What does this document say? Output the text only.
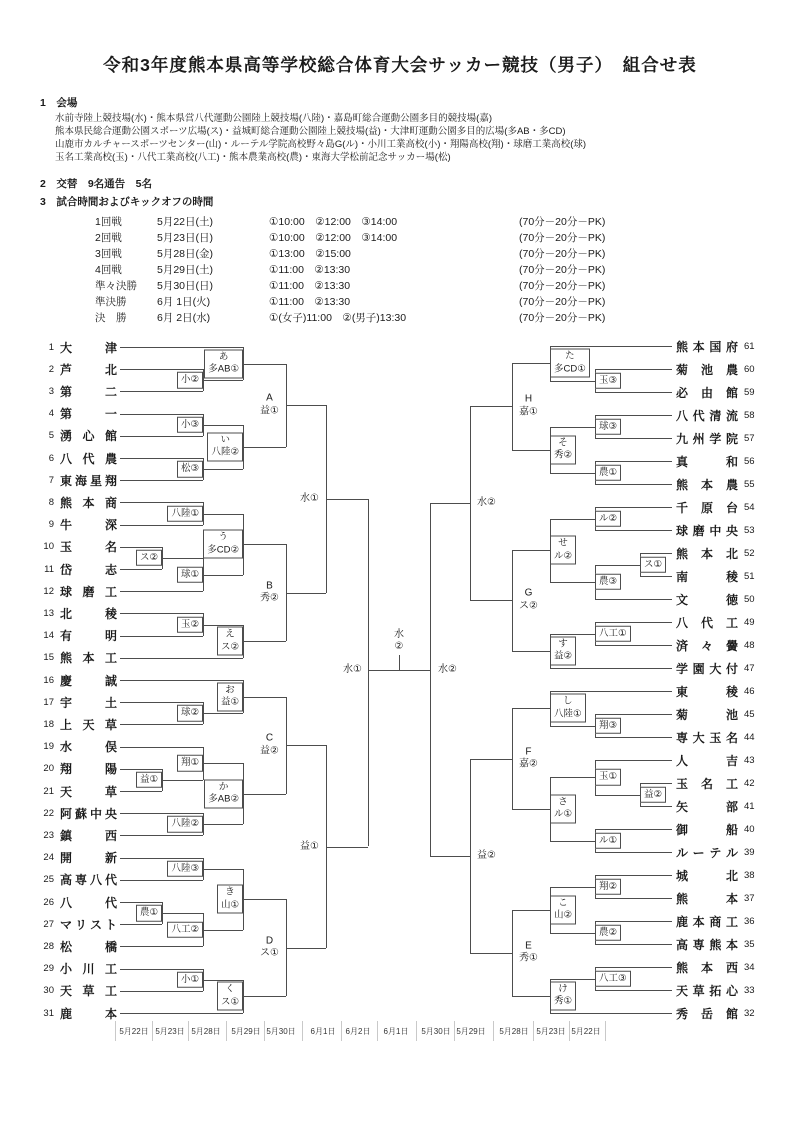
令和3年度熊本県高等学校総合体育大会サッカー競技（男子）　組合せ表
1　会場
水前寺陸上競技場(水)・熊本県営八代運動公園陸上競技場(八陸)・嘉島町総合運動公園多目的競技場(嘉)
熊本県民総合運動公園スポーツ広場(ス)・益城町総合運動公園陸上競技場(益)・大津町運動公園多目的広場(多AB・多CD)
山鹿市カルチャースポーツセンター(山)・ルーテル学院高校野々島G(ル)・小川工業高校(小)・翔陽高校(翔)・球磨工業高校(球)
玉名工業高校(玉)・八代工業高校(八工)・熊本農業高校(農)・東海大学松前記念サッカー場(松)
2　交替　9名通告　5名
3　試合時間およびキックオフの時間
1回戦	5月22日(土)	①10:00　②12:00　③14:00	(70分－20分－PK)
2回戦	5月23日(日)	①10:00　②12:00　③14:00	(70分－20分－PK)
3回戦	5月28日(金)	①13:00　②15:00	(70分－20分－PK)
4回戦	5月29日(土)	①11:00　②13:30	(70分－20分－PK)
準々決勝	5月30日(日)	①11:00　②13:30	(70分－20分－PK)
準決勝	6月 1日(火)	①11:00　②13:30	(70分－20分－PK)
決　勝	6月 2日(水)	①(女子)11:00　②(男子)13:30	(70分－20分－PK)
小②
小③
松③
八陸①
ス②
球①
玉②
球②
益①
翔①
八陸②
八陸③
農①
八工②
小①
あ
多AB①
い
八陸②
う
多CD②
え
ス②
お
益①
か
多AB②
き
山①
く
ス①
A
益①
B
秀②
C
益②
D
ス①
水①
益①
玉③
球③
農①
ル②
ス①
農③
八工①
翔③
益②
玉①
ル①
翔②
農②
八工③
た
多CD①
そ
秀②
せ
ル②
す
益②
し
八陸①
さ
ル①
こ
山②
け
秀①
H
嘉①
G
ス②
F
嘉②
E
秀①
水②
益②
水
②
水①	水②
1 大	津
2 芦	北
3 第	二
4 第	一
5 湧 心 館
6 八 代 農
7 東 海 星 翔
8 熊 本 商
9 牛	深
10 玉	名
11 岱	志
12 球 磨 工
13 北	稜
14 有	明
15 熊 本 工
16 慶	誠
17 宇	土
18 上 天 草
19 水	俣
20 翔	陽
21 天	草
22 阿 蘇 中 央
23 鎮	西
24 開	新
25 高 専 八 代
26 八	代
27 マ リ ス ト
28 松	橋
29 小 川 工
30 天 草 工
31 鹿	本
熊 本 国 府 61
菊 池 農 60
必 由 館 59
八 代 清 流 58
九 州 学 院 57
真	和 56
熊 本 農 55
千 原 台 54
球 磨 中 央 53
熊 本 北 52
南	稜 51
文	徳 50
八 代 工 49
済 々 黌 48
学 園 大 付 47
東	稜 46
菊	池 45
専 大 玉 名 44
人	吉 43
玉 名 工 42
矢	部 41
御	船 40
ル ー テ ル 39
城	北 38
熊	本 37
鹿 本 商 工 36
高 専 熊 本 35
熊 本 西 34
天 草 拓 心 33
秀 岳 館 32
5月22日 5月23日 5月28日 5月29日 5月30日 6月1日 6月2日 6月1日 5月30日 5月29日 5月28日 5月23日 5月22日
